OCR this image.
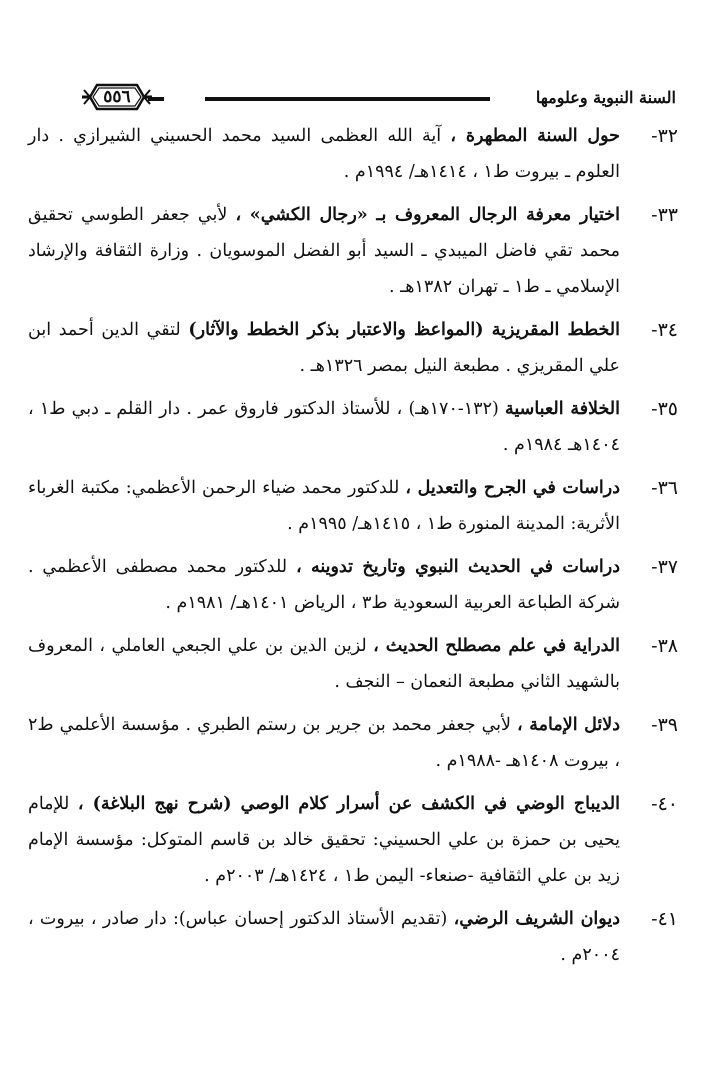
السنة النبوية وعلومها
٥٥٦
٣٢-
حول السنة المطهرة ، آية الله العظمى السيد محمد الحسيني الشيرازي . دار العلوم ـ بيروت ط١ ، ١٤١٤هـ/ ١٩٩٤م .
٣٣-
اختيار معرفة الرجال المعروف بـ «رجال الكشي» ، لأبي جعفر الطوسي تحقيق محمد تقي فاضل الميبدي ـ السيد أبو الفضل الموسويان . وزارة الثقافة والإرشاد الإسلامي ـ ط١ ـ تهران ١٣٨٢هـ .
٣٤-
الخطط المقريزية (المواعظ والاعتبار بذكر الخطط والآثار) لتقي الدين أحمد ابن علي المقريزي . مطبعة النيل بمصر ١٣٢٦هـ .
٣٥-
الخلافة العباسية (١٣٢-١٧٠هـ) ، للأستاذ الدكتور فاروق عمر . دار القلم ـ دبي ط١ ، ١٤٠٤هـ ١٩٨٤م .
٣٦-
دراسات في الجرح والتعديل ، للدكتور محمد ضياء الرحمن الأعظمي: مكتبة الغرباء الأثرية: المدينة المنورة ط١ ، ١٤١٥هـ/ ١٩٩٥م .
٣٧-
دراسات في الحديث النبوي وتاريخ تدوينه ، للدكتور محمد مصطفى الأعظمي . شركة الطباعة العربية السعودية ط٣ ، الرياض ١٤٠١هـ/ ١٩٨١م .
٣٨-
الدراية في علم مصطلح الحديث ، لزين الدين بن علي الجبعي العاملي ، المعروف بالشهيد الثاني مطبعة النعمان – النجف .
٣٩-
دلائل الإمامة ، لأبي جعفر محمد بن جرير بن رستم الطبري . مؤسسة الأعلمي ط٢ ، بيروت ١٤٠٨هـ -١٩٨٨م .
٤٠-
الديباج الوضي في الكشف عن أسرار كلام الوصي (شرح نهج البلاغة) ، للإمام يحيى بن حمزة بن علي الحسيني: تحقيق خالد بن قاسم المتوكل: مؤسسة الإمام زيد بن علي الثقافية -صنعاء- اليمن ط١ ، ١٤٢٤هـ/ ٢٠٠٣م .
٤١-
ديوان الشريف الرضي، (تقديم الأستاذ الدكتور إحسان عباس): دار صادر ، بيروت ، ٢٠٠٤م .
